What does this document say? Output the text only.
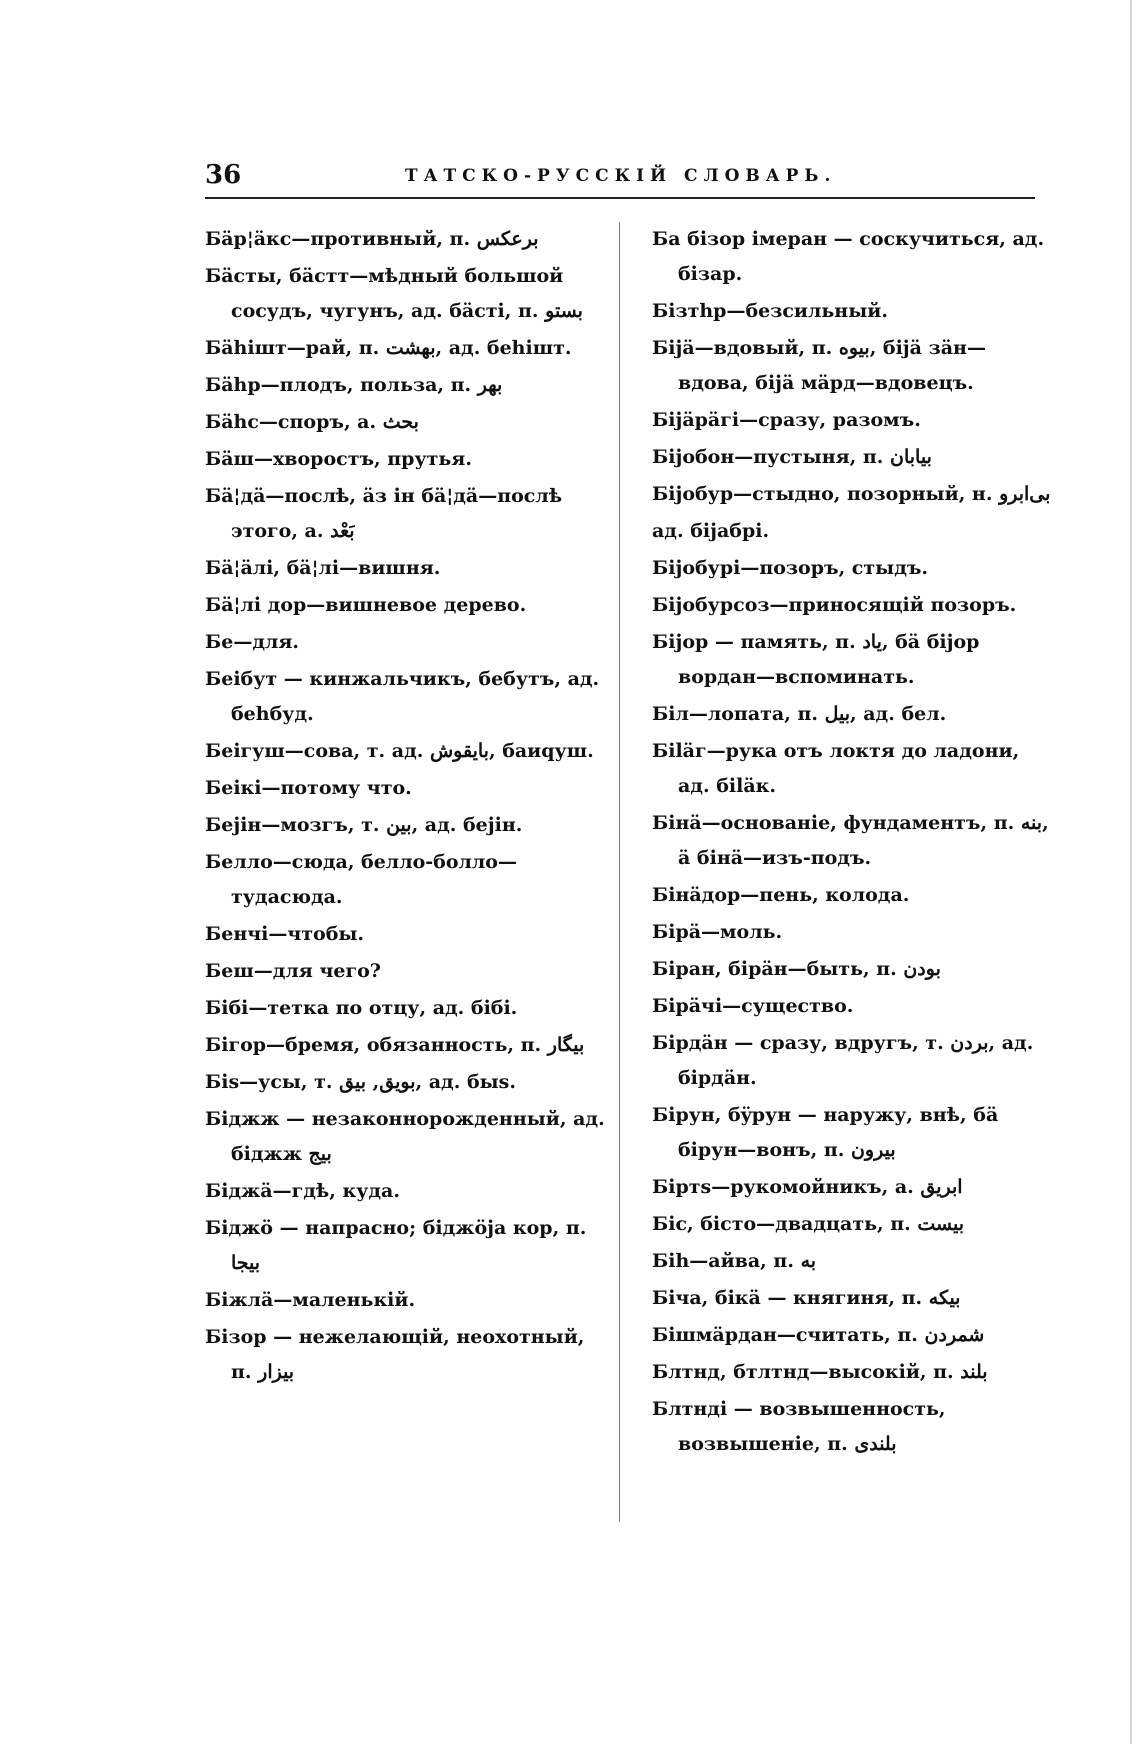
36	ТАТСКО-РУССКІЙ СЛОВАРЬ.

Бäр¦äкс—противный, п. برعکس

Бäсты, бäстт—мѣдный большой сосудъ, чугунъ, ад. бäсті, п. بستو

Бäһішт—рай, п. بهشت, ад. беһішт.

Бäһр—плодъ, польза, п. بهر

Бäһс—споръ, а. بحث

Бäш—хворостъ, прутья.

Бä¦дä—послѣ, äз ін бä¦дä—послѣ этого, а. بَعْد

Бä¦äлі, бä¦лі—вишня.

Бä¦лі дор—вишневое дерево.

Бе—для.

Беібут — кинжальчикъ, бебутъ, ад. беһбуд.

Беігуш—сова, т. ад. بایقوش, баиqуш.

Беікі—потому что.

Беjін—мозгъ, т. بین, ад. беjін.

Белло—сюда, белло-болло—тудасюда.

Бенчі—чтобы.

Беш—для чего?

Бібі—тетка по отцу, ад. бібі.

Бігор—бремя, обязанность, п. بیگار

Біѕ—усы, т. بویق, بیق, ад. быѕ.

Біджж — незаконнорожденный, ад. біджж بیج

Біджä—гдѣ, куда.

Біджö — напрасно; біджöjа кор, п. بیجا

Біжлä—маленькій.

Бізор — нежелающій, неохотный, п. بیزار

Ба бізор імеран — соскучиться, ад. бізар.

Бізтһр—безсильный.

Біjä—вдовый, п. بیوه, біjä зäн—вдова, біjä мäрд—вдовецъ.

Біjäрäгі—сразу, разомъ.

Біjобон—пустыня, п. بیابان

Біjобур—стыдно, позорный, н. بی‌ابرو

ад. біjабрі.

Біjобурі—позоръ, стыдъ.

Біjобурсоз—приносящій позоръ.

Біjор — память, п. یاد, бä біjор вордан—вспоминать.

Біл—лопата, п. بیل, ад. бел.

Біläг—рука отъ локтя до ладони, ад. біläк.

Бінä—основаніе, фундаментъ, п. بنه, ä бінä—изъ-подъ.

Бінäдор—пень, колода.

Бірä—моль.

Біран, бірäн—быть, п. بودن

Бірäчі—существо.

Бірдäн — сразу, вдругъ, т. بردن, ад. бірдäн.

Бірун, бÿрун — наружу, внѣ, бä бірун—вонъ, п. بیرون

Біртѕ—рукомойникъ, а. ابریق

Біс, бісто—двадцать, п. بیست

Біһ—айва, п. به

Біча, бікä — княгиня, п. بیکه

Бішмäрдан—считать, п. شمردن

Блтнд, бтлтнд—высокій, п. بلند

Блтнді — возвышенность, возвышеніе, п. بلندی
